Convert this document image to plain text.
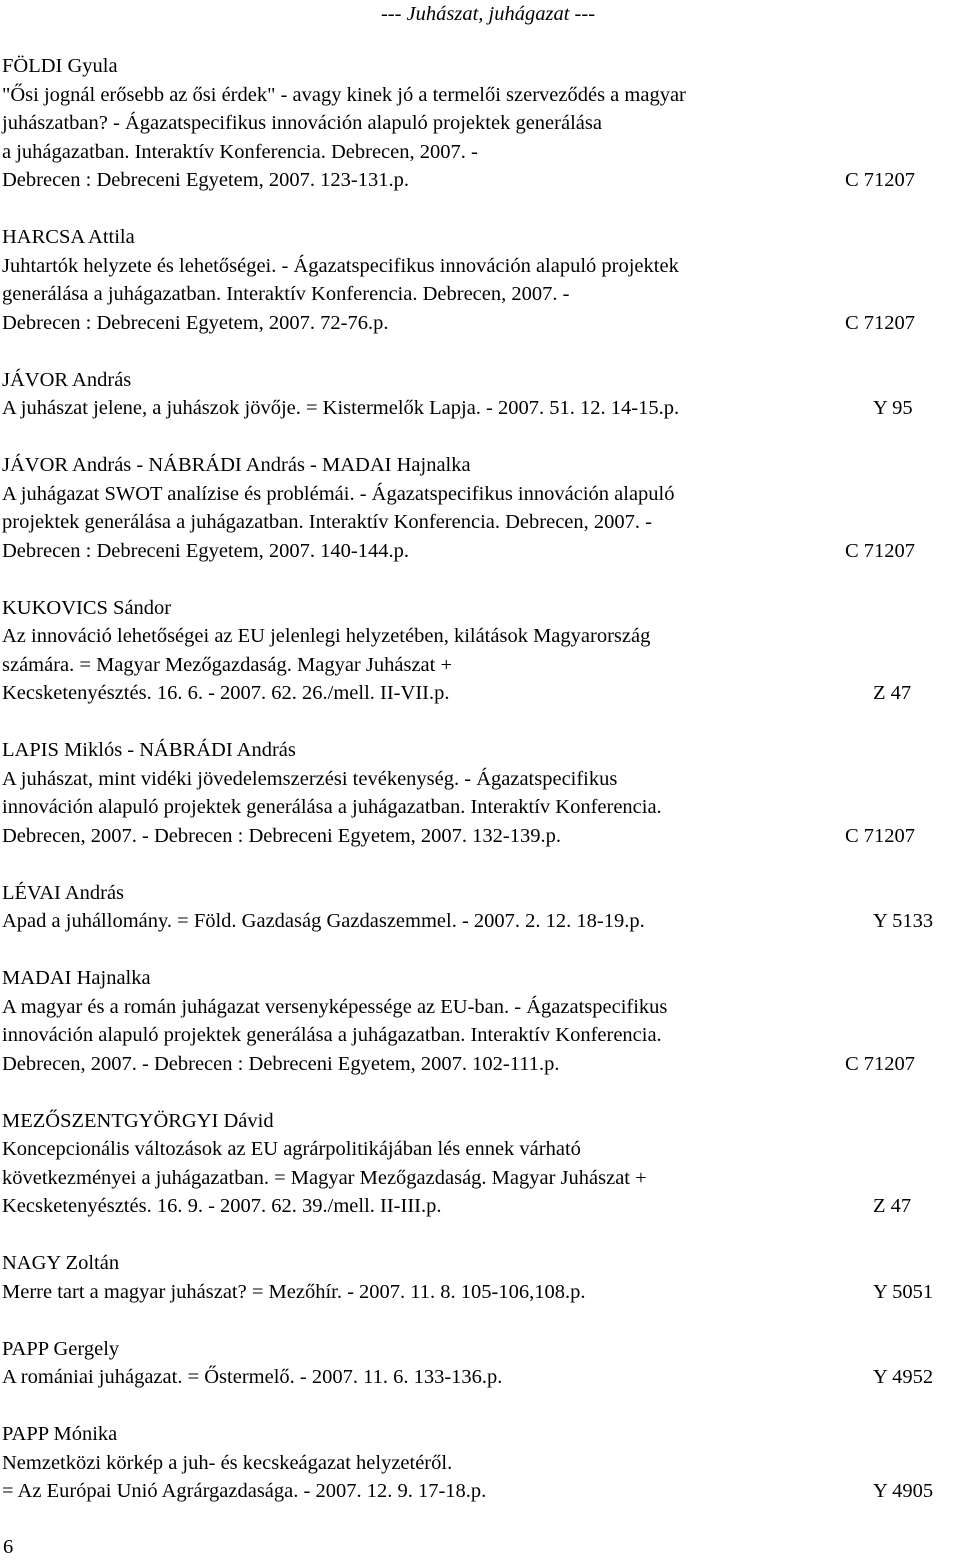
--- Juhászat, juhágazat ---
FÖLDI Gyula
"Ősi jognál erősebb az ősi érdek" - avagy kinek jó a termelői szerveződés a magyar
juhászatban? - Ágazatspecifikus innováción alapuló projektek generálása
a juhágazatban. Interaktív Konferencia. Debrecen, 2007. -
Debrecen : Debreceni Egyetem, 2007. 123-131.p.	C 71207
HARCSA Attila
Juhtartók helyzete és lehetőségei. - Ágazatspecifikus innováción alapuló projektek
generálása a juhágazatban. Interaktív Konferencia. Debrecen, 2007. -
Debrecen : Debreceni Egyetem, 2007. 72-76.p.	C 71207
JÁVOR András
A juhászat jelene, a juhászok jövője. = Kistermelők Lapja. - 2007. 51. 12. 14-15.p.	Y 95
JÁVOR András - NÁBRÁDI András - MADAI Hajnalka
A juhágazat SWOT analízise és problémái. - Ágazatspecifikus innováción alapuló
projektek generálása a juhágazatban. Interaktív Konferencia. Debrecen, 2007. -
Debrecen : Debreceni Egyetem, 2007. 140-144.p.	C 71207
KUKOVICS Sándor
Az innováció lehetőségei az EU jelenlegi helyzetében, kilátások Magyarország
számára. = Magyar Mezőgazdaság. Magyar Juhászat +
Kecsketenyésztés. 16. 6. - 2007. 62. 26./mell. II-VII.p.	Z 47
LAPIS Miklós - NÁBRÁDI András
A juhászat, mint vidéki jövedelemszerzési tevékenység. - Ágazatspecifikus
innováción alapuló projektek generálása a juhágazatban. Interaktív Konferencia.
Debrecen, 2007. - Debrecen : Debreceni Egyetem, 2007. 132-139.p.	C 71207
LÉVAI András
Apad a juhállomány. = Föld. Gazdaság Gazdaszemmel. - 2007. 2. 12. 18-19.p.	Y 5133
MADAI Hajnalka
A magyar és a román juhágazat versenyképessége az EU-ban. - Ágazatspecifikus
innováción alapuló projektek generálása a juhágazatban. Interaktív Konferencia.
Debrecen, 2007. - Debrecen : Debreceni Egyetem, 2007. 102-111.p.	C 71207
MEZŐSZENTGYÖRGYI Dávid
Koncepcionális változások az EU agrárpolitikájában lés ennek várható
következményei a juhágazatban. = Magyar Mezőgazdaság. Magyar Juhászat +
Kecsketenyésztés. 16. 9. - 2007. 62. 39./mell. II-III.p.	Z 47
NAGY Zoltán
Merre tart a magyar juhászat? = Mezőhír. - 2007. 11. 8. 105-106,108.p.	Y 5051
PAPP Gergely
A romániai juhágazat. = Őstermelő. - 2007. 11. 6. 133-136.p.	Y 4952
PAPP Mónika
Nemzetközi körkép a juh- és kecskeágazat helyzetéről.
= Az Európai Unió Agrárgazdasága. - 2007. 12. 9. 17-18.p.	Y 4905
6
